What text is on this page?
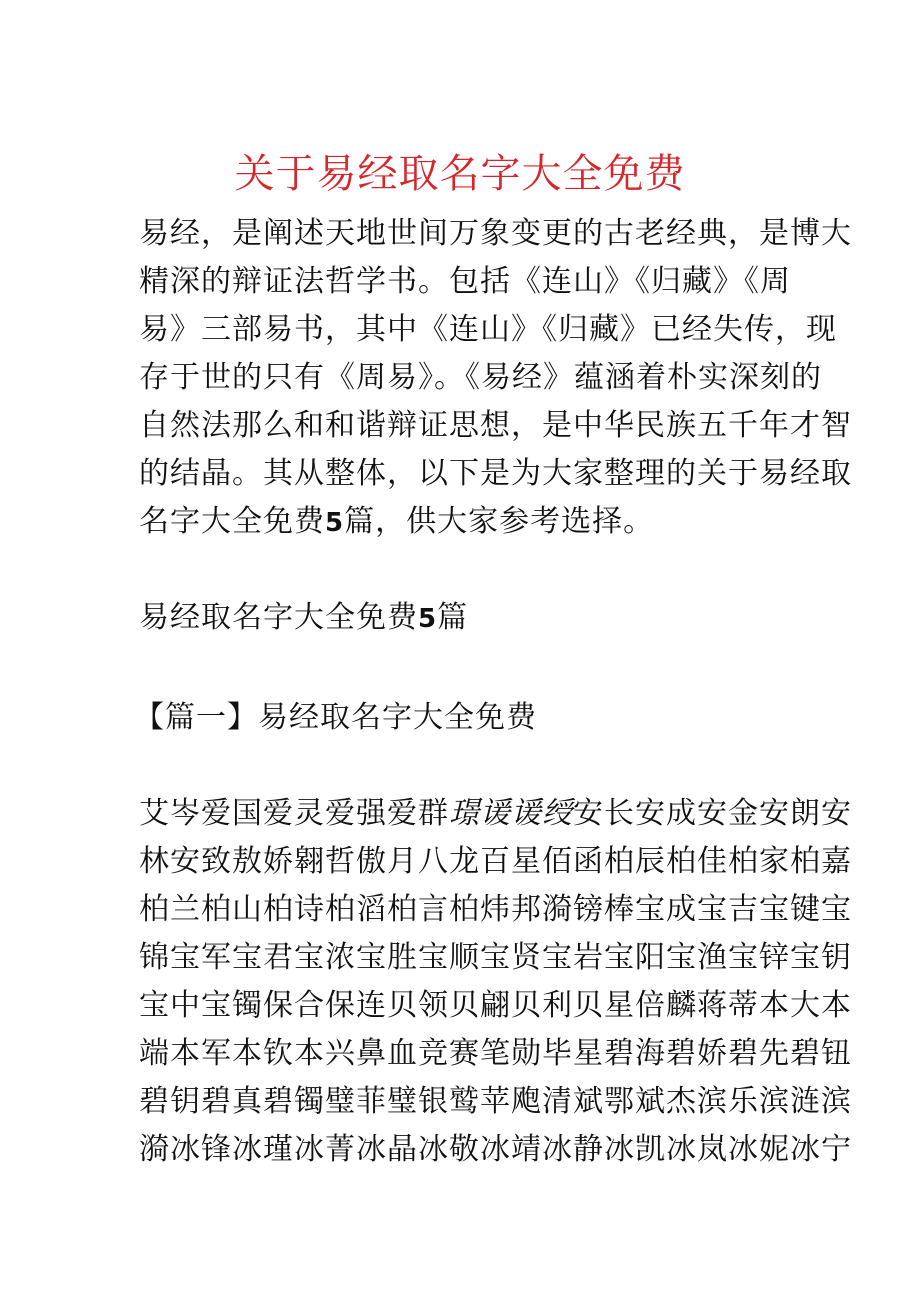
关于易经取名字大全免费
易经，是阐述天地世间万象变更的古老经典，是博大
精深的辩证法哲学书。包括《连山》《归藏》《周
易》三部易书，其中《连山》《归藏》已经失传，现
存于世的只有《周易》。《易经》蕴涵着朴实深刻的
自然法那么和和谐辩证思想，是中华民族五千年才智
的结晶。其从整体，以下是为大家整理的关于易经取
名字大全免费5篇，供大家参考选择。
易经取名字大全免费5篇
【篇一】易经取名字大全免费
艾岑爱国爱灵爱强爱群璟谖谖绶安长安成安金安朗安
林安致敖娇翱哲傲月八龙百星佰函柏辰柏佳柏家柏嘉
柏兰柏山柏诗柏滔柏言柏炜邦漪镑棒宝成宝吉宝键宝
锦宝军宝君宝浓宝胜宝顺宝贤宝岩宝阳宝渔宝锌宝钥
宝中宝镯保合保连贝领贝翩贝利贝星倍麟蒋蒂本大本
端本军本钦本兴鼻血竞赛笔勋毕星碧海碧娇碧先碧钮
碧钥碧真碧镯璧菲璧银鹫苹飑清斌鄂斌杰滨乐滨涟滨
漪冰锋冰瑾冰菁冰晶冰敬冰靖冰静冰凯冰岚冰妮冰宁
